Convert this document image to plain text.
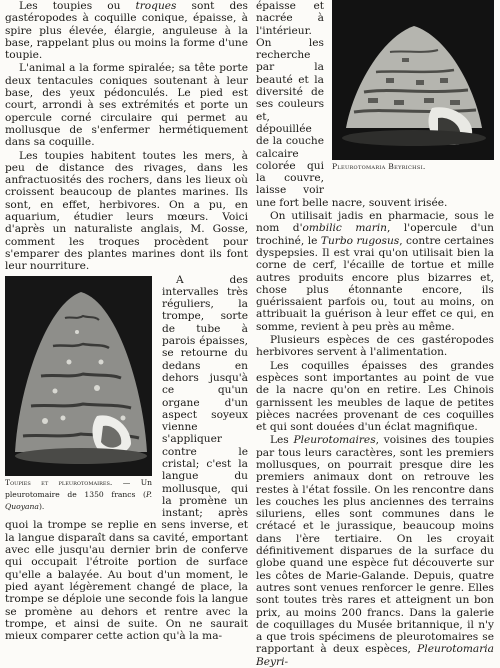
Les toupies ou troques sont des gastéropodes à coquille conique, épaisse, à spire plus élevée, élargie, anguleuse à la base, rappelant plus ou moins la forme d'une toupie.

L'animal a la forme spiralée; sa tête porte deux tentacules coniques soutenant à leur base, des yeux pédonculés. Le pied est court, arrondi à ses extrémités et porte un opercule corné circulaire qui permet au mollusque de s'enfermer hermétiquement dans sa coquille.

Les toupies habitent toutes les mers, à peu de distance des rivages, dans les anfractuosités des rochers, dans les lieux où croissent beaucoup de plantes marines. Ils sont, en effet, herbivores. On a pu, en aquarium, étudier leurs mœurs. Voici d'après un naturaliste anglais, M. Gosse, comment les troques procèdent pour s'emparer des plantes marines dont ils font leur nourriture.

Toupies et pleurotomaires. — Un pleurotomaire de 1350 francs (P. Quoyana).
A des intervalles très réguliers, la trompe, sorte de tube à parois épaisses, se retourne du dedans en dehors jusqu'à ce qu'un organe d'un aspect soyeux vienne s'appliquer contre le cristal; c'est la langue du mollusque, qui la promène un instant; après quoi la trompe se replie en sens inverse, et la langue disparaît dans sa cavité, emportant avec elle jusqu'au dernier brin de conferve qui occupait l'étroite portion de surface qu'elle a balayée. Au bout d'un moment, le pied ayant légèrement changé de place, la trompe se déploie une seconde fois la langue se promène au dehors et rentre avec la trompe, et ainsi de suite. On ne saurait mieux comparer cette action qu'à la ma-

Pleurotomaria Beyrichsi.
épaisse et nacrée à l'intérieur. On les recherche par la beauté et la diversité de ses couleurs et, dépouillée de la couche calcaire colorée qui la couvre, laisse voir une fort belle nacre, souvent irisée.

On utilisait jadis en pharmacie, sous le nom d'ombilic marin, l'opercule d'un trochiné, le Turbo rugosus, contre certaines dyspepsies. Il est vrai qu'on utilisait bien la corne de cerf, l'écaille de tortue et mille autres produits encore plus bizarres et, chose plus étonnante encore, ils guérissaient parfois ou, tout au moins, on attribuait la guérison à leur effet ce qui, en somme, revient à peu près au même.

Plusieurs espèces de ces gastéropodes herbivores servent à l'alimentation.

Les coquilles épaisses des grandes espèces sont importantes au point de vue de la nacre qu'on en retire. Les Chinois garnissent les meubles de laque de petites pièces nacrées provenant de ces coquilles et qui sont douées d'un éclat magnifique.

Les Pleurotomaires, voisines des toupies par tous leurs caractères, sont les premiers mollusques, on pourrait presque dire les premiers animaux dont on retrouve les restes à l'état fossile. On les rencontre dans les couches les plus anciennes des terrains siluriens, elles sont communes dans le crétacé et le jurassique, beaucoup moins dans l'ère tertiaire. On les croyait définitivement disparues de la surface du globe quand une espèce fut découverte sur les côtes de Marie-Galande. Depuis, quatre autres sont venues renforcer le genre. Elles sont toutes très rares et atteignent un bon prix, au moins 200 francs. Dans la galerie de coquillages du Musée britannique, il n'y a que trois spécimens de pleurotomaires se rapportant à deux espèces, Pleurotomaria Beyri-
